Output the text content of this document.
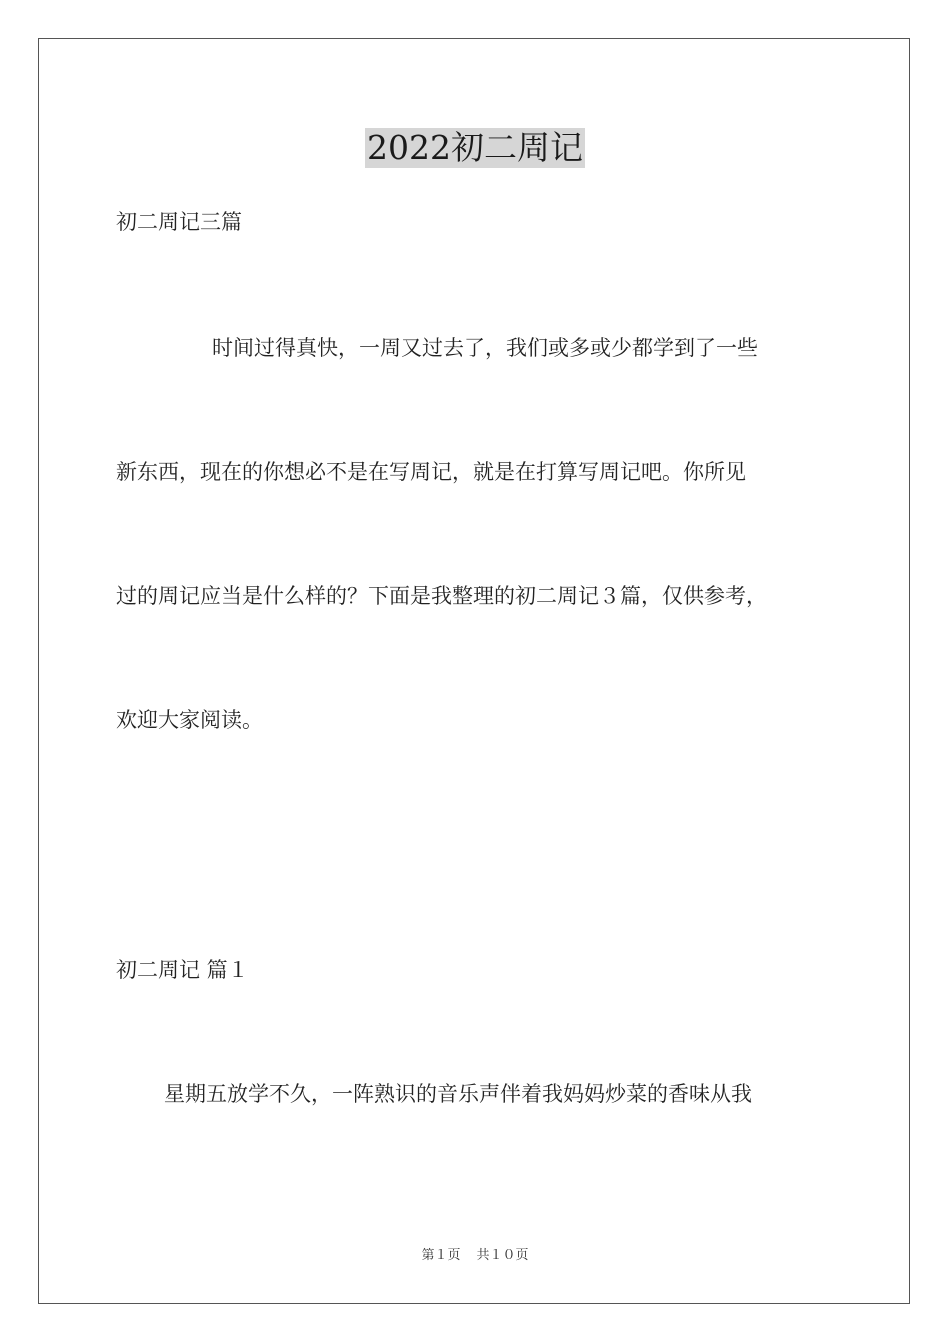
2022初二周记

初二周记三篇

时间过得真快，一周又过去了，我们或多或少都学到了一些

新东西，现在的你想必不是在写周记，就是在打算写周记吧。你所见

过的周记应当是什么样的？下面是我整理的初二周记３篇，仅供参考，

欢迎大家阅读。

初二周记 篇１

星期五放学不久，一阵熟识的音乐声伴着我妈妈炒菜的香味从我

第１页 共１０页
